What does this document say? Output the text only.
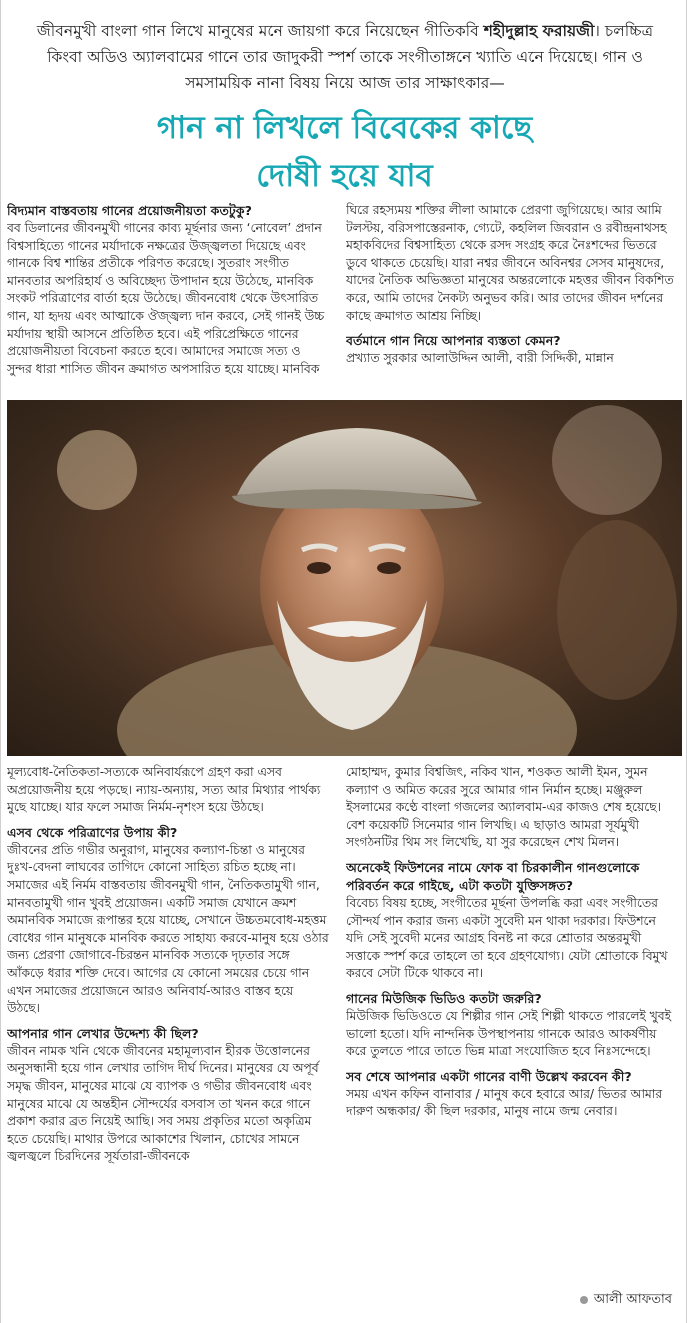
জীবনমুখী বাংলা গান লিখে মানুষের মনে জায়গা করে নিয়েছেন গীতিকবি শহীদুল্লাহ ফরায়জী। চলচ্চিত্র কিংবা অডিও অ্যালবামের গানে তার জাদুকরী স্পর্শ তাকে সংগীতাঙ্গনে খ্যাতি এনে দিয়েছে। গান ও সমসাময়িক নানা বিষয় নিয়ে আজ তার সাক্ষাৎকার—
গান না লিখলে বিবেকের কাছে
দোষী হয়ে যাব
বিদ্যমান বাস্তবতায় গানের প্রয়োজনীয়তা কতটুকু?

বব ডিলানের জীবনমুখী গানের কাব্য মূর্ছনার জন্য ‘নোবেল’ প্রদান বিশ্বসাহিত্যে গানের মর্যাদাকে নক্ষত্রের উজ্জ্বলতা দিয়েছে এবং গানকে বিশ্ব শান্তির প্রতীকে পরিণত করেছে। সুতরাং সংগীত মানবতার অপরিহার্য ও অবিচ্ছেদ্য উপাদান হয়ে উঠেছে, মানবিক সংকট পরিত্রাণের বার্তা হয়ে উঠেছে। জীবনবোধ থেকে উৎসারিত গান, যা হৃদয় এবং আত্মাকে ঔজ্জ্বল্য দান করবে, সেই গানই উচ্চ মর্যাদায় স্থায়ী আসনে প্রতিষ্ঠিত হবে। এই পরিপ্রেক্ষিতে গানের প্রয়োজনীয়তা বিবেচনা করতে হবে। আমাদের সমাজে সত্য ও সুন্দর ধারা শাসিত জীবন ক্রমাগত অপসারিত হয়ে যাচ্ছে। মানবিক

ঘিরে রহস্যময় শক্তির লীলা আমাকে প্রেরণা জুগিয়েছে। আর আমি টলস্টয়, বরিসপাস্তেরনাক, গ্যেটে, কহলিল জিবরান ও রবীন্দ্রনাথসহ মহাকবিদের বিশ্বসাহিত্য থেকে রসদ সংগ্রহ করে নৈঃশব্দের ভিতরে ডুবে থাকতে চেয়েছি। যারা নশ্বর জীবনে অবিনশ্বর সেসব মানুষদের, যাদের নৈতিক অভিজ্ঞতা মানুষের অন্তরলোকে মহত্তর জীবন বিকশিত করে, আমি তাদের নৈকট্য অনুভব করি। আর তাদের জীবন দর্শনের কাছে ক্রমাগত আশ্রয় নিচ্ছি।

বর্তমানে গান নিয়ে আপনার ব্যস্ততা কেমন?

প্রখ্যাত সুরকার আলাউদ্দিন আলী, বারী সিদ্দিকী, মান্নান

মূল্যবোধ-নৈতিকতা-সত্যকে অনিবার্যরূপে গ্রহণ করা এসব অপ্রয়োজনীয় হয়ে পড়ছে। ন্যায়-অন্যায়, সত্য আর মিথ্যার পার্থক্য মুছে যাচ্ছে। যার ফলে সমাজ নির্মম-নৃশংস হয়ে উঠছে।

এসব থেকে পরিত্রাণের উপায় কী?

জীবনের প্রতি গভীর অনুরাগ, মানুষের কল্যাণ-চিন্তা ও মানুষের দুঃখ-বেদনা লাঘবের তাগিদে কোনো সাহিত্য রচিত হচ্ছে না। সমাজের এই নির্মম বাস্তবতায় জীবনমুখী গান, নৈতিকতামুখী গান, মানবতামুখী গান খুবই প্রয়োজন। একটি সমাজ যেখানে ক্রমশ অমানবিক সমাজে রূপান্তর হয়ে যাচ্ছে, সেখানে উচ্চতমবোধ-মহত্তম বোধের গান মানুষকে মানবিক করতে সাহায্য করবে-মানুষ হয়ে ওঠার জন্য প্রেরণা জোগাবে-চিরন্তন মানবিক সত্যকে দৃঢ়তার সঙ্গে আঁকড়ে ধরার শক্তি দেবে। আগের যে কোনো সময়ের চেয়ে গান এখন সমাজের প্রয়োজনে আরও অনিবার্য-আরও বাস্তব হয়ে উঠছে।

আপনার গান লেখার উদ্দেশ্য কী ছিল?

জীবন নামক খনি থেকে জীবনের মহামূল্যবান হীরক উত্তোলনের অনুসন্ধানী হয়ে গান লেখার তাগিদ দীর্ঘ দিনের। মানুষের যে অপূর্ব সমৃদ্ধ জীবন, মানুষের মাঝে যে ব্যাপক ও গভীর জীবনবোধ এবং মানুষের মাঝে যে অন্তহীন সৌন্দর্যের বসবাস তা খনন করে গানে প্রকাশ করার ব্রত নিয়েই আছি। সব সময় প্রকৃতির মতো অকৃত্রিম হতে চেয়েছি। মাথার উপরে আকাশের খিলান, চোখের সামনে জ্বলজ্বলে চিরদিনের সূর্যতারা-জীবনকে

মোহাম্মদ, কুমার বিশ্বজিৎ, নকিব খান, শওকত আলী ইমন, সুমন কল্যাণ ও অমিত করের সুরে আমার গান নির্মান হচ্ছে। মঞ্জুরুল ইসলামের কণ্ঠে বাংলা গজলের অ্যালবাম-এর কাজও শেষ হয়েছে। বেশ কয়েকটি সিনেমার গান লিখছি। এ ছাড়াও আমরা সূর্যমুখী সংগঠনটির থিম সং লিখেছি, যা সুর করেছেন শেখ মিলন।

অনেকেই ফিউশনের নামে ফোক বা চিরকালীন গানগুলোকে পরিবর্তন করে গাইছে, এটা কতটা যুক্তিসঙ্গত?

বিবেচ্য বিষয় হচ্ছে, সংগীতের মূর্ছনা উপলব্ধি করা এবং সংগীতের সৌন্দর্য পান করার জন্য একটা সুবেদী মন থাকা দরকার। ফিউশনে যদি সেই সুবেদী মনের আগ্রহ বিনষ্ট না করে শ্রোতার অন্তরমুখী সত্তাকে স্পর্শ করে তাহলে তা হবে গ্রহণযোগ্য। যেটা শ্রোতাকে বিমুখ করবে সেটা টিকে থাকবে না।

গানের মিউজিক ভিডিও কতটা জরুরি?

মিউজিক ভিডিওতে যে শিল্পীর গান সেই শিল্পী থাকতে পারলেই খুবই ভালো হতো। যদি নান্দনিক উপস্থাপনায় গানকে আরও আকর্ষণীয় করে তুলতে পারে তাতে ভিন্ন মাত্রা সংযোজিত হবে নিঃসন্দেহে।

সব শেষে আপনার একটা গানের বাণী উল্লেখ করবেন কী?

সময় এখন কফিন বানাবার / মানুষ কবে হবারে আর/ ভিতর আমার দারুণ অন্ধকার/ কী ছিল দরকার, মানুষ নামে জন্ম নেবার।

আলী আফতাব
